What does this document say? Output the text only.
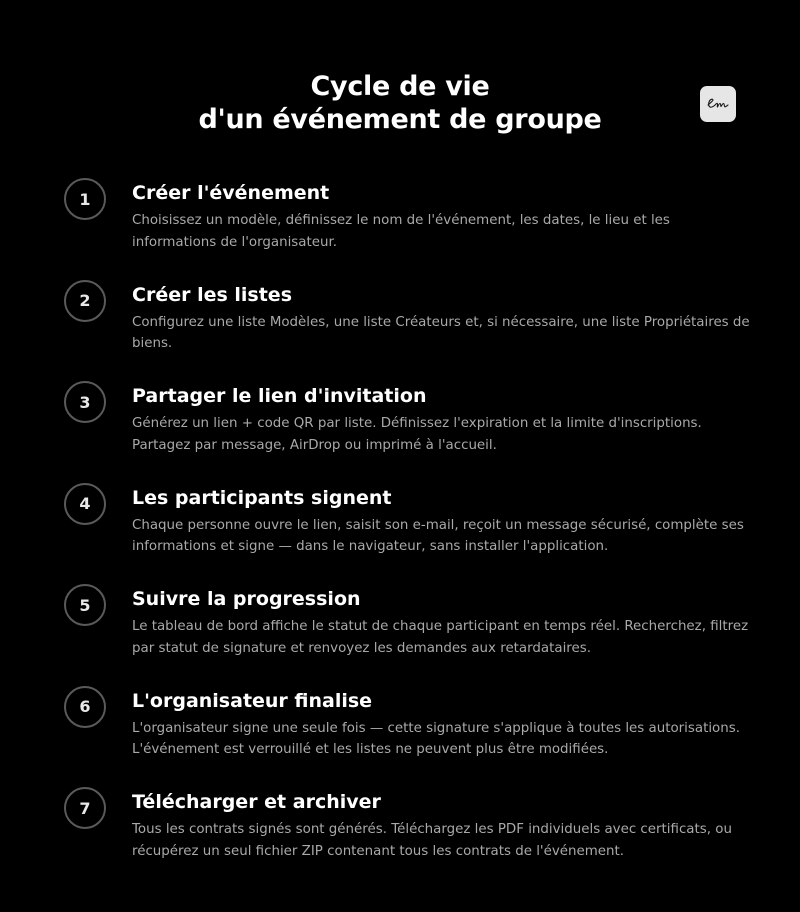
Cycle de vie
d'un événement de groupe
1	Créer l'événement

Choisissez un modèle, définissez le nom de l'événement, les dates, le lieu et les informations de l'organisateur.

2	Créer les listes

Configurez une liste Modèles, une liste Créateurs et, si nécessaire, une liste Propriétaires de biens.

3	Partager le lien d'invitation

Générez un lien + code QR par liste. Définissez l'expiration et la limite d'inscriptions. Partagez par message, AirDrop ou imprimé à l'accueil.

4	Les participants signent

Chaque personne ouvre le lien, saisit son e-mail, reçoit un message sécurisé, complète ses informations et signe — dans le navigateur, sans installer l'application.

5	Suivre la progression

Le tableau de bord affiche le statut de chaque participant en temps réel. Recherchez, filtrez par statut de signature et renvoyez les demandes aux retardataires.

6	L'organisateur finalise

L'organisateur signe une seule fois — cette signature s'applique à toutes les autorisations. L'événement est verrouillé et les listes ne peuvent plus être modifiées.

7	Télécharger et archiver

Tous les contrats signés sont générés. Téléchargez les PDF individuels avec certificats, ou récupérez un seul fichier ZIP contenant tous les contrats de l'événement.
